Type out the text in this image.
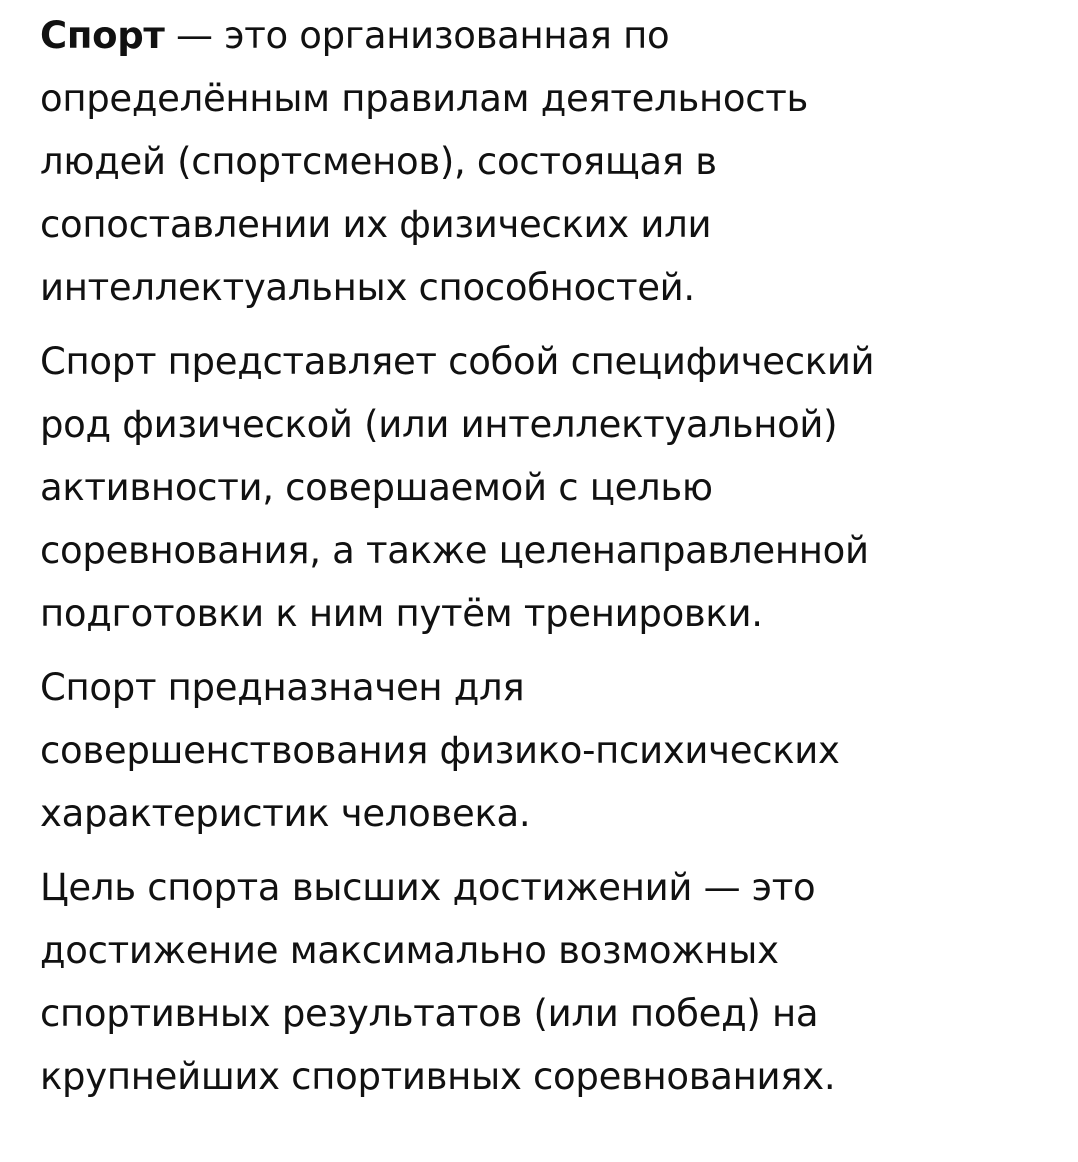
Спорт — это организованная по
определённым правилам деятельность
людей (спортсменов), состоящая в
сопоставлении их физических или
интеллектуальных способностей.

Спорт представляет собой специфический
род физической (или интеллектуальной)
активности, совершаемой с целью
соревнования, а также целенаправленной
подготовки к ним путём тренировки.

Спорт предназначен для
совершенствования физико-психических
характеристик человека.

Цель спорта высших достижений — это
достижение максимально возможных
спортивных результатов (или побед) на
крупнейших спортивных соревнованиях.
